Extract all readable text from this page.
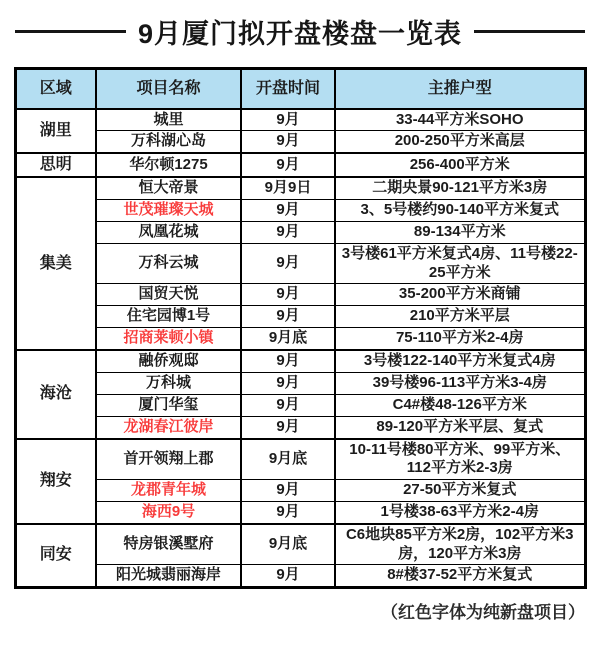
9月厦门拟开盘楼盘一览表
区域	项目名称	开盘时间	主推户型
湖里	城里	9月	33-44平方米SOHO
	万科湖心岛	9月	200-250平方米高层
思明	华尔顿1275	9月	256-400平方米
集美	恒大帝景	9月9日	二期央景90-121平方米3房
	世茂璀璨天城	9月	3、5号楼约90-140平方米复式
	凤凰花城	9月	89-134平方米
	万科云城	9月	3号楼61平方米复式4房、11号楼22-25平方米
	国贸天悦	9月	35-200平方米商铺
	住宅园博1号	9月	210平方米平层
	招商莱顿小镇	9月底	75-110平方米2-4房
海沧	融侨观邸	9月	3号楼122-140平方米复式4房
	万科城	9月	39号楼96-113平方米3-4房
	厦门华玺	9月	C4#楼48-126平方米
	龙湖春江彼岸	9月	89-120平方米平层、复式
翔安	首开领翔上郡	9月底	10-11号楼80平方米、99平方米、112平方米2-3房
	龙郡青年城	9月	27-50平方米复式
	海西9号	9月	1号楼38-63平方米2-4房
同安	特房银溪墅府	9月底	C6地块85平方米2房，102平方米3房，120平方米3房
	阳光城翡丽海岸	9月	8#楼37-52平方米复式
（红色字体为纯新盘项目）
